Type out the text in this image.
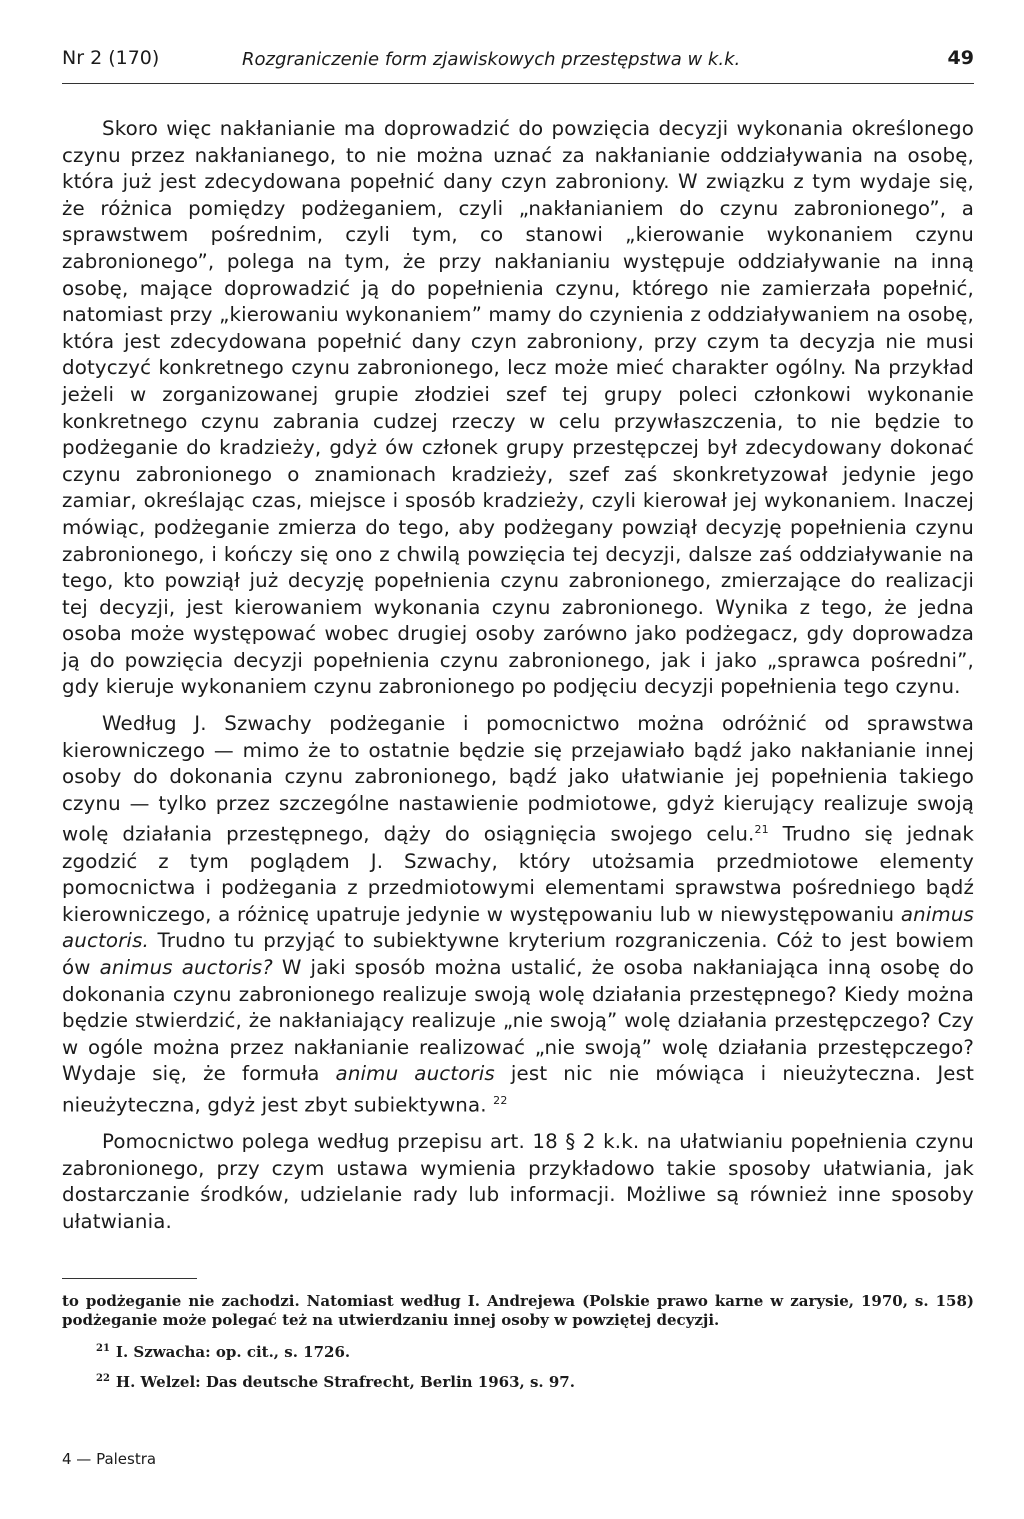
Nr 2 (170)	Rozgraniczenie form zjawiskowych przestępstwa w k.k.	49

Skoro więc nakłanianie ma doprowadzić do powzięcia decyzji wykonania określonego czynu przez nakłanianego, to nie można uznać za nakłanianie oddziaływania na osobę, która już jest zdecydowana popełnić dany czyn zabroniony. W związku z tym wydaje się, że różnica pomiędzy podżeganiem, czyli „nakłanianiem do czynu zabronionego”, a sprawstwem pośrednim, czyli tym, co stanowi „kierowanie wykonaniem czynu zabronionego”, polega na tym, że przy nakłanianiu występuje oddziaływanie na inną osobę, mające doprowadzić ją do popełnienia czynu, którego nie zamierzała popełnić, natomiast przy „kierowaniu wykonaniem” mamy do czynienia z oddziaływaniem na osobę, która jest zdecydowana popełnić dany czyn zabroniony, przy czym ta decyzja nie musi dotyczyć konkretnego czynu zabronionego, lecz może mieć charakter ogólny. Na przykład jeżeli w zorganizowanej grupie złodziei szef tej grupy poleci członkowi wykonanie konkretnego czynu zabrania cudzej rzeczy w celu przywłaszczenia, to nie będzie to podżeganie do kradzieży, gdyż ów członek grupy przestępczej był zdecydowany dokonać czynu zabronionego o znamionach kradzieży, szef zaś skonkretyzował jedynie jego zamiar, określając czas, miejsce i sposób kradzieży, czyli kierował jej wykonaniem. Inaczej mówiąc, podżeganie zmierza do tego, aby podżegany powziął decyzję popełnienia czynu zabronionego, i kończy się ono z chwilą powzięcia tej decyzji, dalsze zaś oddziaływanie na tego, kto powziął już decyzję popełnienia czynu zabronionego, zmierzające do realizacji tej decyzji, jest kierowaniem wykonania czynu zabronionego. Wynika z tego, że jedna osoba może występować wobec drugiej osoby zarówno jako podżegacz, gdy doprowadza ją do powzięcia decyzji popełnienia czynu zabronionego, jak i jako „sprawca pośredni”, gdy kieruje wykonaniem czynu zabronionego po podjęciu decyzji popełnienia tego czynu.

Według J. Szwachy podżeganie i pomocnictwo można odróżnić od sprawstwa kierowniczego — mimo że to ostatnie będzie się przejawiało bądź jako nakłanianie innej osoby do dokonania czynu zabronionego, bądź jako ułatwianie jej popełnienia takiego czynu — tylko przez szczególne nastawienie podmiotowe, gdyż kierujący realizuje swoją wolę działania przestępnego, dąży do osiągnięcia swojego celu.$^{21}$ Trudno się jednak zgodzić z tym poglądem J. Szwachy, który utożsamia przedmiotowe elementy pomocnictwa i podżegania z przedmiotowymi elementami sprawstwa pośredniego bądź kierowniczego, a różnicę upatruje jedynie w występowaniu lub w niewystępowaniu animus auctoris. Trudno tu przyjąć to subiektywne kryterium rozgraniczenia. Cóż to jest bowiem ów animus auctoris? W jaki sposób można ustalić, że osoba nakłaniająca inną osobę do dokonania czynu zabronionego realizuje swoją wolę działania przestępnego? Kiedy można będzie stwierdzić, że nakłaniający realizuje „nie swoją” wolę działania przestępczego? Czy w ogóle można przez nakłanianie realizować „nie swoją” wolę działania przestępczego? Wydaje się, że formuła animu auctoris jest nic nie mówiąca i nieużyteczna. Jest nieużyteczna, gdyż jest zbyt subiektywna. $^{22}$

Pomocnictwo polega według przepisu art. 18 § 2 k.k. na ułatwianiu popełnienia czynu zabronionego, przy czym ustawa wymienia przykładowo takie sposoby ułatwiania, jak dostarczanie środków, udzielanie rady lub informacji. Możliwe są również inne sposoby ułatwiania.

to podżeganie nie zachodzi. Natomiast według I. Andrejewa (Polskie prawo karne w zarysie, 1970, s. 158) podżeganie może polegać też na utwierdzaniu innej osoby w powziętej decyzji.

$^{21}$ I. Szwacha: op. cit., s. 1726.

$^{22}$ H. Welzel: Das deutsche Strafrecht, Berlin 1963, s. 97.

4 — Palestra
